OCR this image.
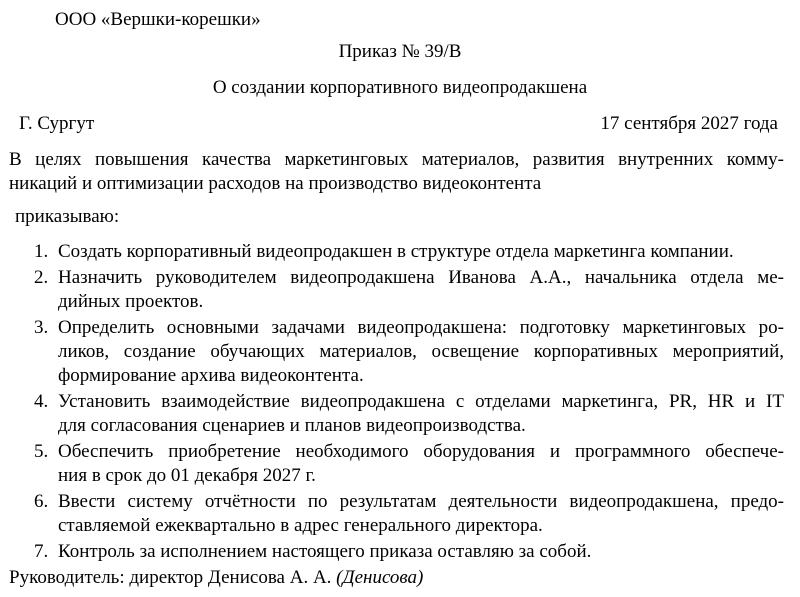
ООО «Вершки-корешки»
Приказ № 39/В
О создании корпоративного видеопродакшена
Г. Сургут	17 сентября 2027 года
В целях повышения качества маркетинговых материалов, развития внутренних комму-
никаций и оптимизации расходов на производство видеоконтента
приказываю:
1. Создать корпоративный видеопродакшен в структуре отдела маркетинга компании.
2. Назначить руководителем видеопродакшена Иванова А.А., начальника отдела ме-
дийных проектов.
3. Определить основными задачами видеопродакшена: подготовку маркетинговых ро-
ликов, создание обучающих материалов, освещение корпоративных мероприятий,
формирование архива видеоконтента.
4. Установить взаимодействие видеопродакшена с отделами маркетинга, PR, HR и IT
для согласования сценариев и планов видеопроизводства.
5. Обеспечить приобретение необходимого оборудования и программного обеспече-
ния в срок до 01 декабря 2027 г.
6. Ввести систему отчётности по результатам деятельности видеопродакшена, предо-
ставляемой ежеквартально в адрес генерального директора.
7. Контроль за исполнением настоящего приказа оставляю за собой.
Руководитель: директор Денисова А. А. (Денисова)
